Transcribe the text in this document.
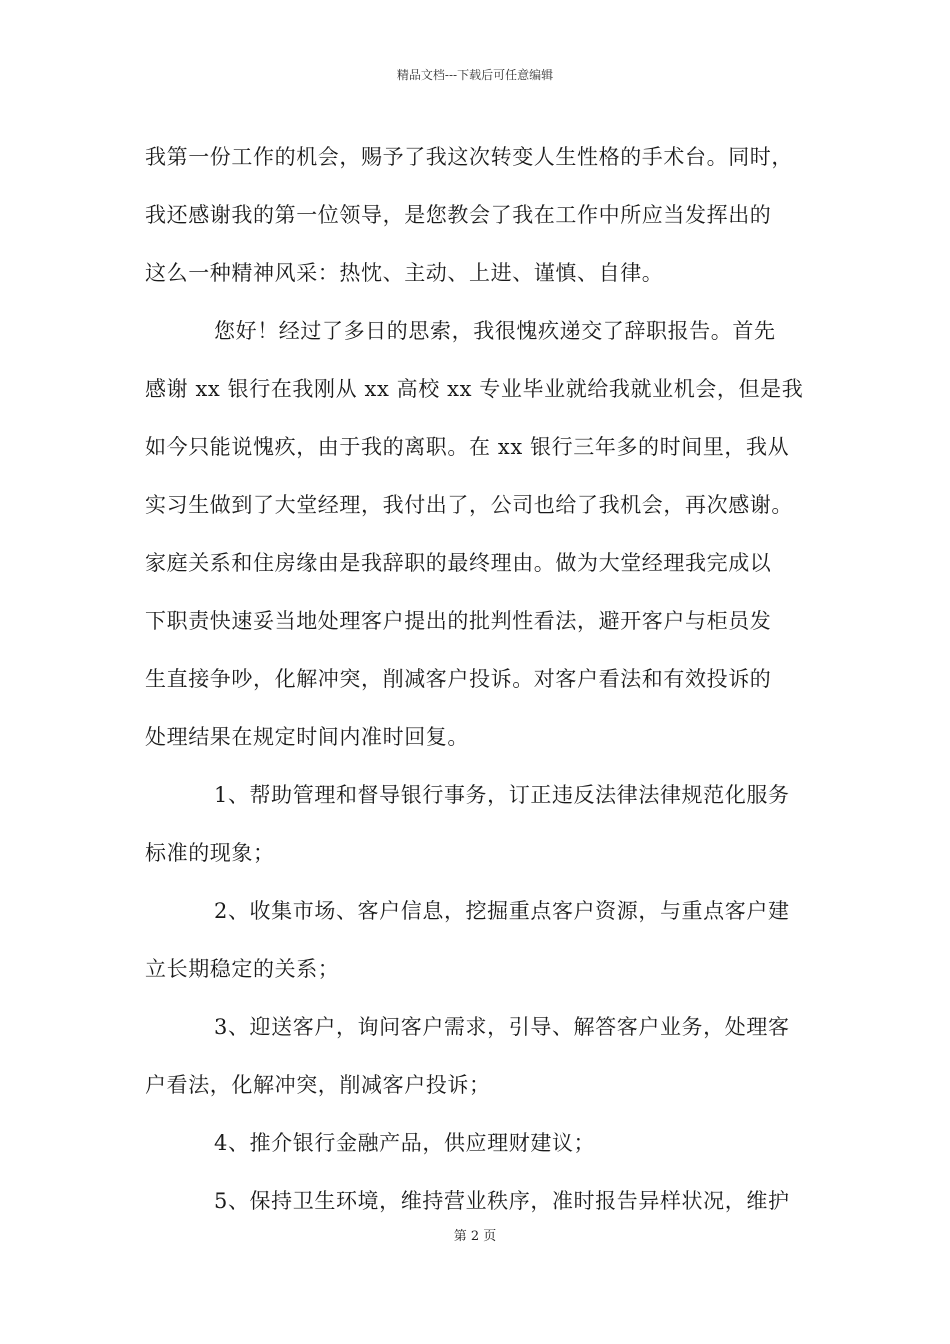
精品文档---下载后可任意编辑
我第一份工作的机会，赐予了我这次转变人生性格的手术台。同时，
我还感谢我的第一位领导，是您教会了我在工作中所应当发挥出的
这么一种精神风采：热忱、主动、上进、谨慎、自律。
您好！经过了多日的思索，我很愧疚递交了辞职报告。首先
感谢 xx 银行在我刚从 xx 高校 xx 专业毕业就给我就业机会，但是我
如今只能说愧疚，由于我的离职。在 xx 银行三年多的时间里，我从
实习生做到了大堂经理，我付出了，公司也给了我机会，再次感谢。
家庭关系和住房缘由是我辞职的最终理由。做为大堂经理我完成以
下职责快速妥当地处理客户提出的批判性看法，避开客户与柜员发
生直接争吵，化解冲突，削减客户投诉。对客户看法和有效投诉的
处理结果在规定时间内准时回复。
1、帮助管理和督导银行事务，订正违反法律法律规范化服务
标准的现象；
2、收集市场、客户信息，挖掘重点客户资源，与重点客户建
立长期稳定的关系；
3、迎送客户，询问客户需求，引导、解答客户业务，处理客
户看法，化解冲突，削减客户投诉；
4、推介银行金融产品，供应理财建议；
5、保持卫生环境，维持营业秩序，准时报告异样状况，维护
第 2 页
